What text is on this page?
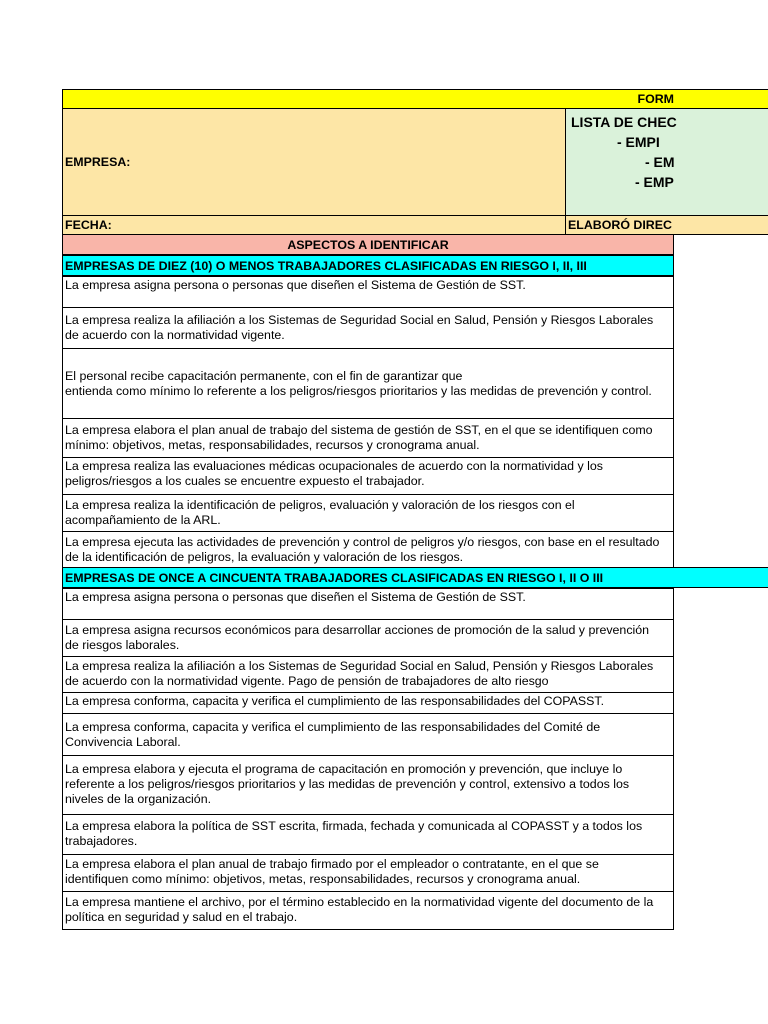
FORM
EMPRESA:
LISTA DE CHEC
- EMPI
- EM
- EMP
FECHA:	ELABORÓ DIREC
ASPECTOS A IDENTIFICAR
EMPRESAS DE DIEZ (10) O MENOS TRABAJADORES CLASIFICADAS EN RIESGO I, II, III
La empresa asigna persona o personas que diseñen el Sistema de Gestión de SST.
La empresa realiza la afiliación a los Sistemas de Seguridad Social en Salud, Pensión y Riesgos Laborales
de acuerdo con la normatividad vigente.
El personal recibe capacitación permanente, con el fin de garantizar que
entienda como mínimo lo referente a los peligros/riesgos prioritarios y las medidas de prevención y control.
La empresa elabora el plan anual de trabajo del sistema de gestión de SST, en el que se identifiquen como
mínimo: objetivos, metas, responsabilidades, recursos y cronograma anual.
La empresa realiza las evaluaciones médicas ocupacionales de acuerdo con la normatividad y los
peligros/riesgos a los cuales se encuentre expuesto el trabajador.
La empresa realiza la identificación de peligros, evaluación y valoración de los riesgos con el
acompañamiento de la ARL.
La empresa ejecuta las actividades de prevención y control de peligros y/o riesgos, con base en el resultado
de la identificación de peligros, la evaluación y valoración de los riesgos.
EMPRESAS DE ONCE A CINCUENTA TRABAJADORES CLASIFICADAS EN RIESGO I, II O III
La empresa asigna persona o personas que diseñen el Sistema de Gestión de SST.
La empresa asigna recursos económicos para desarrollar acciones de promoción de la salud y prevención
de riesgos laborales.
La empresa realiza la afiliación a los Sistemas de Seguridad Social en Salud, Pensión y Riesgos Laborales
de acuerdo con la normatividad vigente. Pago de pensión de trabajadores de alto riesgo
La empresa conforma, capacita y verifica el cumplimiento de las responsabilidades del COPASST.
La empresa conforma, capacita y verifica el cumplimiento de las responsabilidades del Comité de
Convivencia Laboral.
La empresa elabora y ejecuta el programa de capacitación en promoción y prevención, que incluye lo
referente a los peligros/riesgos prioritarios y las medidas de prevención y control, extensivo a todos los
niveles de la organización.
La empresa elabora la política de SST escrita, firmada, fechada y comunicada al COPASST y a todos los
trabajadores.
La empresa elabora el plan anual de trabajo firmado por el empleador o contratante, en el que se
identifiquen como mínimo: objetivos, metas, responsabilidades, recursos y cronograma anual.
La empresa mantiene el archivo, por el término establecido en la normatividad vigente del documento de la
política en seguridad y salud en el trabajo.
